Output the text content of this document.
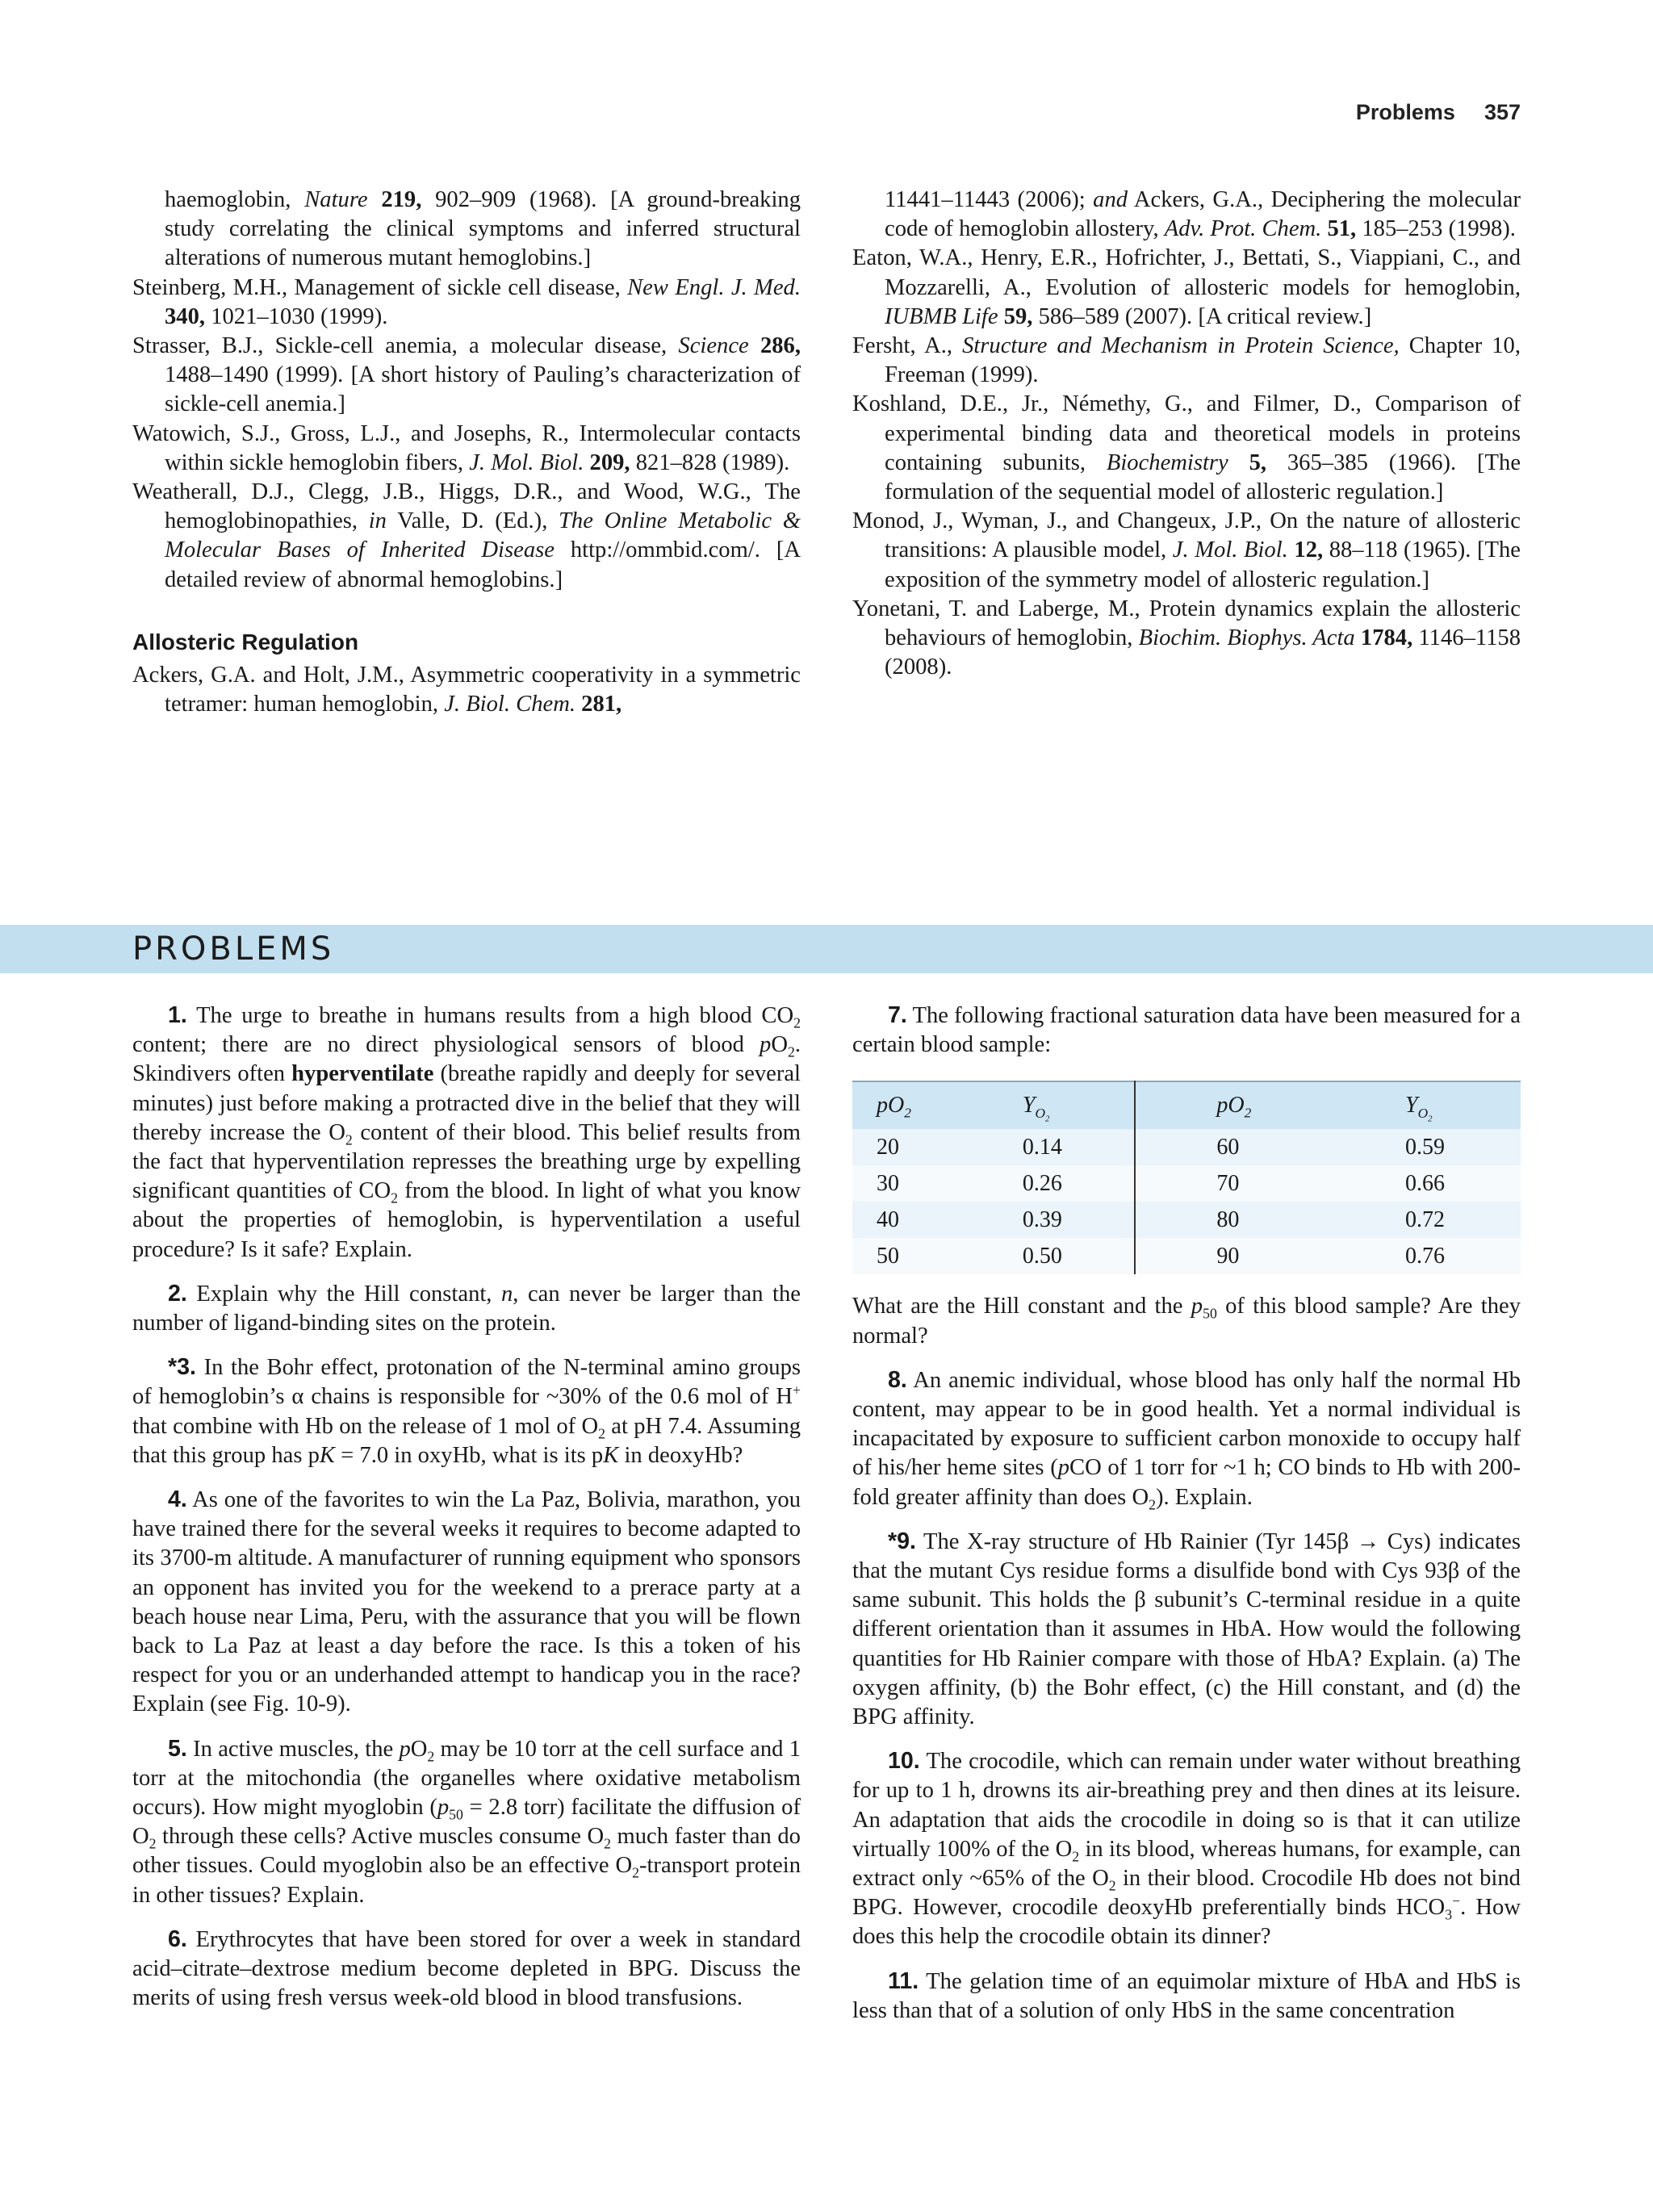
Problems 357

haemoglobin, Nature 219, 902–909 (1968). [A ground-breaking study correlating the clinical symptoms and inferred structural alterations of numerous mutant hemoglobins.]

Steinberg, M.H., Management of sickle cell disease, New Engl. J. Med. 340, 1021–1030 (1999).

Strasser, B.J., Sickle-cell anemia, a molecular disease, Science 286, 1488–1490 (1999). [A short history of Pauling’s characterization of sickle-cell anemia.]

Watowich, S.J., Gross, L.J., and Josephs, R., Intermolecular contacts within sickle hemoglobin fibers, J. Mol. Biol. 209, 821–828 (1989).

Weatherall, D.J., Clegg, J.B., Higgs, D.R., and Wood, W.G., The hemoglobinopathies, in Valle, D. (Ed.), The Online Metabolic & Molecular Bases of Inherited Disease http://ommbid.com/. [A detailed review of abnormal hemoglobins.]

Allosteric Regulation

Ackers, G.A. and Holt, J.M., Asymmetric cooperativity in a symmetric tetramer: human hemoglobin, J. Biol. Chem. 281,

11441–11443 (2006); and Ackers, G.A., Deciphering the molecular code of hemoglobin allostery, Adv. Prot. Chem. 51, 185–253 (1998).

Eaton, W.A., Henry, E.R., Hofrichter, J., Bettati, S., Viappiani, C., and Mozzarelli, A., Evolution of allosteric models for hemoglobin, IUBMB Life 59, 586–589 (2007). [A critical review.]

Fersht, A., Structure and Mechanism in Protein Science, Chapter 10, Freeman (1999).

Koshland, D.E., Jr., Némethy, G., and Filmer, D., Comparison of experimental binding data and theoretical models in proteins containing subunits, Biochemistry 5, 365–385 (1966). [The formulation of the sequential model of allosteric regulation.]

Monod, J., Wyman, J., and Changeux, J.P., On the nature of allosteric transitions: A plausible model, J. Mol. Biol. 12, 88–118 (1965). [The exposition of the symmetry model of allosteric regulation.]

Yonetani, T. and Laberge, M., Protein dynamics explain the allosteric behaviours of hemoglobin, Biochim. Biophys. Acta 1784, 1146–1158 (2008).

PROBLEMS

1. The urge to breathe in humans results from a high blood $CO_2$ content; there are no direct physiological sensors of blood $pO_2$. Skindivers often hyperventilate (breathe rapidly and deeply for several minutes) just before making a protracted dive in the belief that they will thereby increase the $O_2$ content of their blood. This belief results from the fact that hyperventilation represses the breathing urge by expelling significant quantities of $CO_2$ from the blood. In light of what you know about the properties of hemoglobin, is hyperventilation a useful procedure? Is it safe? Explain.

2. Explain why the Hill constant, n, can never be larger than the number of ligand-binding sites on the protein.

*3. In the Bohr effect, protonation of the N-terminal amino groups of hemoglobin’s α chains is responsible for ~30% of the 0.6 mol of H+ that combine with Hb on the release of 1 mol of $O_2$ at pH 7.4. Assuming that this group has pK = 7.0 in oxyHb, what is its pK in deoxyHb?

4. As one of the favorites to win the La Paz, Bolivia, marathon, you have trained there for the several weeks it requires to become adapted to its 3700-m altitude. A manufacturer of running equipment who sponsors an opponent has invited you for the weekend to a prerace party at a beach house near Lima, Peru, with the assurance that you will be flown back to La Paz at least a day before the race. Is this a token of his respect for you or an underhanded attempt to handicap you in the race? Explain (see Fig. 10-9).

5. In active muscles, the $pO_2$ may be 10 torr at the cell surface and 1 torr at the mitochondia (the organelles where oxidative metabolism occurs). How might myoglobin ($p_{50} = 2.8$ torr) facilitate the diffusion of $O_2$ through these cells? Active muscles consume $O_2$ much faster than do other tissues. Could myoglobin also be an effective $O_2$-transport protein in other tissues? Explain.

6. Erythrocytes that have been stored for over a week in standard acid–citrate–dextrose medium become depleted in BPG. Discuss the merits of using fresh versus week-old blood in blood transfusions.

7. The following fractional saturation data have been measured for a certain blood sample:

$pO_2$	$Y_{O_2}$	$pO_2$	$Y_{O_2}$
20	0.14	60	0.59
30	0.26	70	0.66
40	0.39	80	0.72
50	0.50	90	0.76

What are the Hill constant and the $p_{50}$ of this blood sample? Are they normal?

8. An anemic individual, whose blood has only half the normal Hb content, may appear to be in good health. Yet a normal individual is incapacitated by exposure to sufficient carbon monoxide to occupy half of his/her heme sites (pCO of 1 torr for ~1 h; CO binds to Hb with 200-fold greater affinity than does $O_2$). Explain.

*9. The X-ray structure of Hb Rainier (Tyr 145β → Cys) indicates that the mutant Cys residue forms a disulfide bond with Cys 93β of the same subunit. This holds the β subunit’s C-terminal residue in a quite different orientation than it assumes in HbA. How would the following quantities for Hb Rainier compare with those of HbA? Explain. (a) The oxygen affinity, (b) the Bohr effect, (c) the Hill constant, and (d) the BPG affinity.

10. The crocodile, which can remain under water without breathing for up to 1 h, drowns its air-breathing prey and then dines at its leisure. An adaptation that aids the crocodile in doing so is that it can utilize virtually 100% of the $O_2$ in its blood, whereas humans, for example, can extract only ~65% of the $O_2$ in their blood. Crocodile Hb does not bind BPG. However, crocodile deoxyHb preferentially binds $HCO_3^-$. How does this help the crocodile obtain its dinner?

11. The gelation time of an equimolar mixture of HbA and HbS is less than that of a solution of only HbS in the same concentration
